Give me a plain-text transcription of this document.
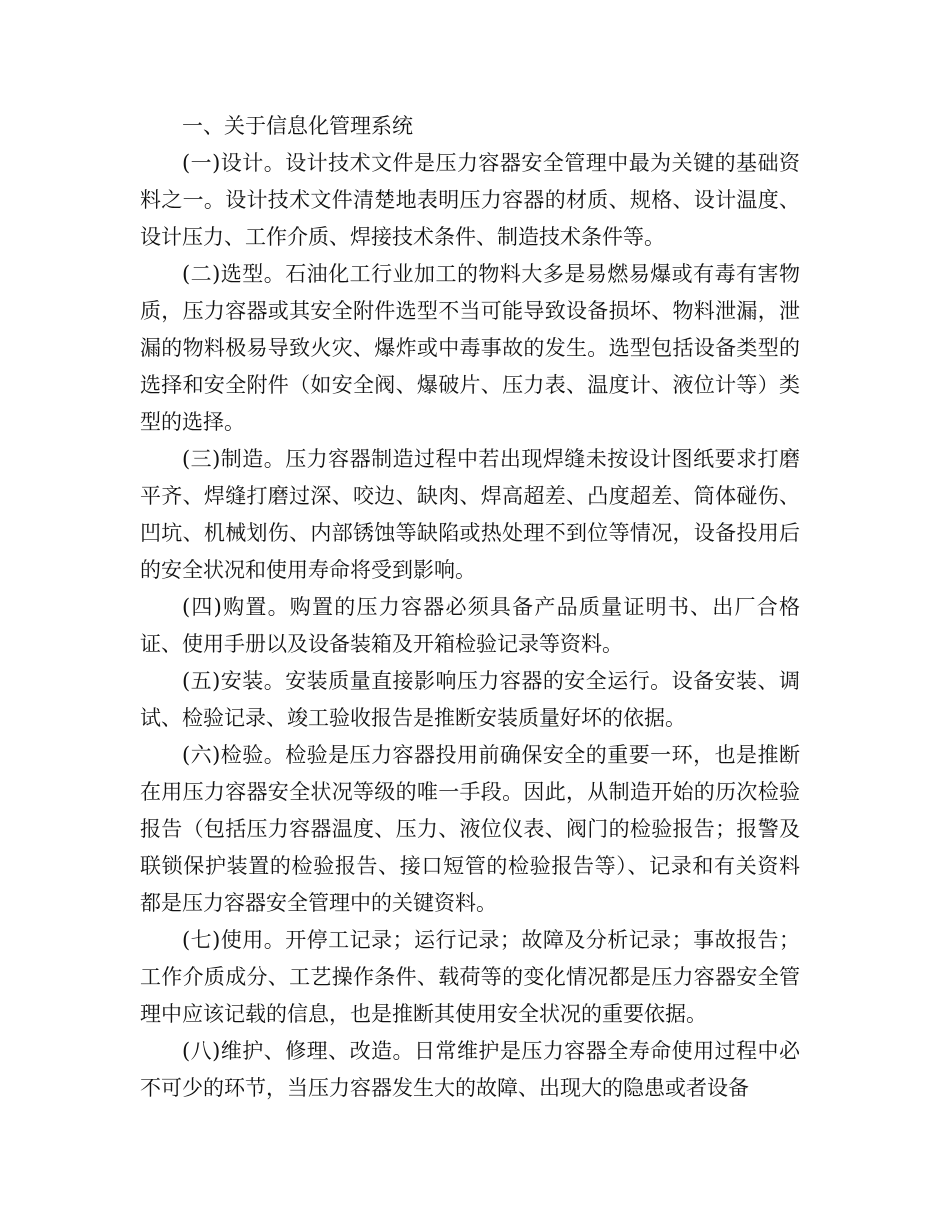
一、关于信息化管理系统

(一)设计。设计技术文件是压力容器安全管理中最为关键的基础资料之一。设计技术文件清楚地表明压力容器的材质、规格、设计温度、设计压力、工作介质、焊接技术条件、制造技术条件等。

(二)选型。石油化工行业加工的物料大多是易燃易爆或有毒有害物质，压力容器或其安全附件选型不当可能导致设备损坏、物料泄漏，泄漏的物料极易导致火灾、爆炸或中毒事故的发生。选型包括设备类型的选择和安全附件（如安全阀、爆破片、压力表、温度计、液位计等）类型的选择。

(三)制造。压力容器制造过程中若出现焊缝未按设计图纸要求打磨平齐、焊缝打磨过深、咬边、缺肉、焊高超差、凸度超差、筒体碰伤、凹坑、机械划伤、内部锈蚀等缺陷或热处理不到位等情况，设备投用后的安全状况和使用寿命将受到影响。

(四)购置。购置的压力容器必须具备产品质量证明书、出厂合格证、使用手册以及设备装箱及开箱检验记录等资料。

(五)安装。安装质量直接影响压力容器的安全运行。设备安装、调试、检验记录、竣工验收报告是推断安装质量好坏的依据。

(六)检验。检验是压力容器投用前确保安全的重要一环，也是推断在用压力容器安全状况等级的唯一手段。因此，从制造开始的历次检验报告（包括压力容器温度、压力、液位仪表、阀门的检验报告；报警及联锁保护装置的检验报告、接口短管的检验报告等）、记录和有关资料都是压力容器安全管理中的关键资料。

(七)使用。开停工记录；运行记录；故障及分析记录；事故报告；工作介质成分、工艺操作条件、载荷等的变化情况都是压力容器安全管理中应该记载的信息，也是推断其使用安全状况的重要依据。

(八)维护、修理、改造。日常维护是压力容器全寿命使用过程中必不可少的环节，当压力容器发生大的故障、出现大的隐患或者设备
